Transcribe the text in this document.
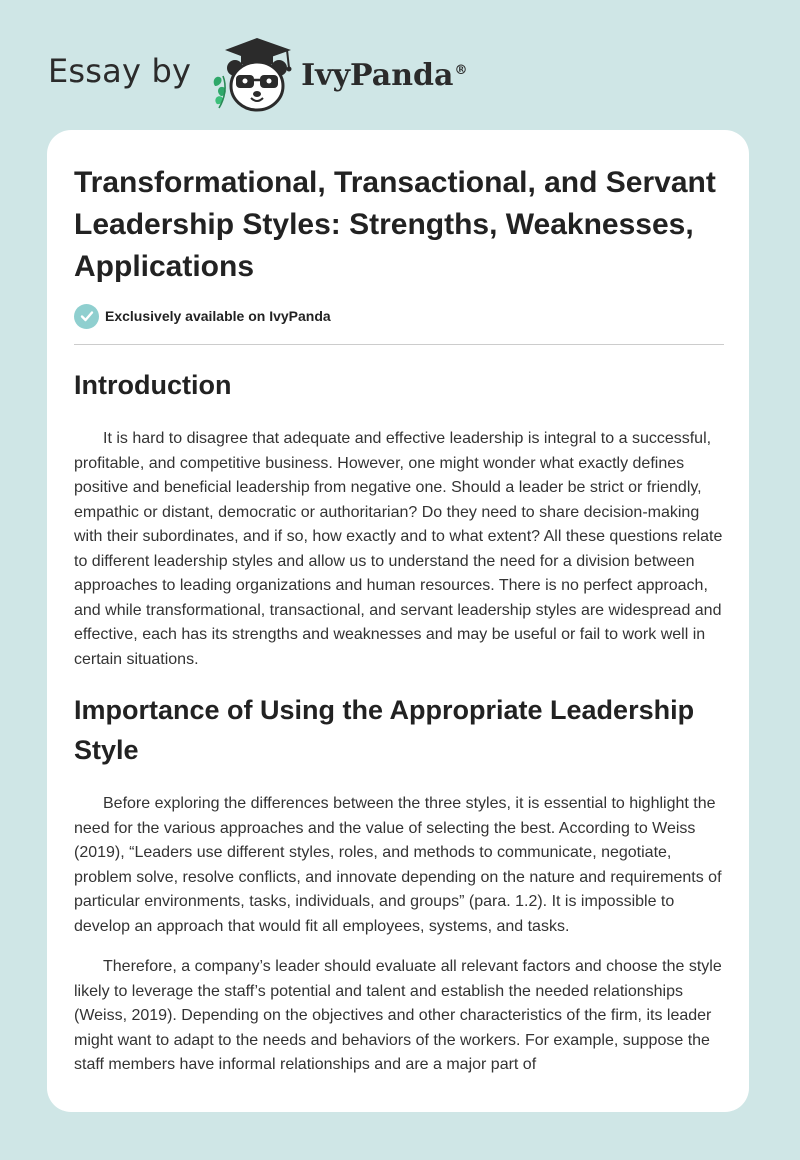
Essay by	IvyPanda®
Transformational, Transactional, and Servant Leadership Styles: Strengths, Weaknesses, Applications
Exclusively available on IvyPanda
Introduction

It is hard to disagree that adequate and effective leadership is integral to a successful, profitable, and competitive business. However, one might wonder what exactly defines positive and beneficial leadership from negative one. Should a leader be strict or friendly, empathic or distant, democratic or authoritarian? Do they need to share decision-making with their subordinates, and if so, how exactly and to what extent? All these questions relate to different leadership styles and allow us to understand the need for a division between approaches to leading organizations and human resources. There is no perfect approach, and while transformational, transactional, and servant leadership styles are widespread and effective, each has its strengths and weaknesses and may be useful or fail to work well in certain situations.

Importance of Using the Appropriate Leadership Style

Before exploring the differences between the three styles, it is essential to highlight the need for the various approaches and the value of selecting the best. According to Weiss (2019), “Leaders use different styles, roles, and methods to communicate, negotiate, problem solve, resolve conflicts, and innovate depending on the nature and requirements of particular environments, tasks, individuals, and groups” (para. 1.2). It is impossible to develop an approach that would fit all employees, systems, and tasks.

Therefore, a company’s leader should evaluate all relevant factors and choose the style likely to leverage the staff’s potential and talent and establish the needed relationships (Weiss, 2019). Depending on the objectives and other characteristics of the firm, its leader might want to adapt to the needs and behaviors of the workers. For example, suppose the staff members have informal relationships and are a major part of
